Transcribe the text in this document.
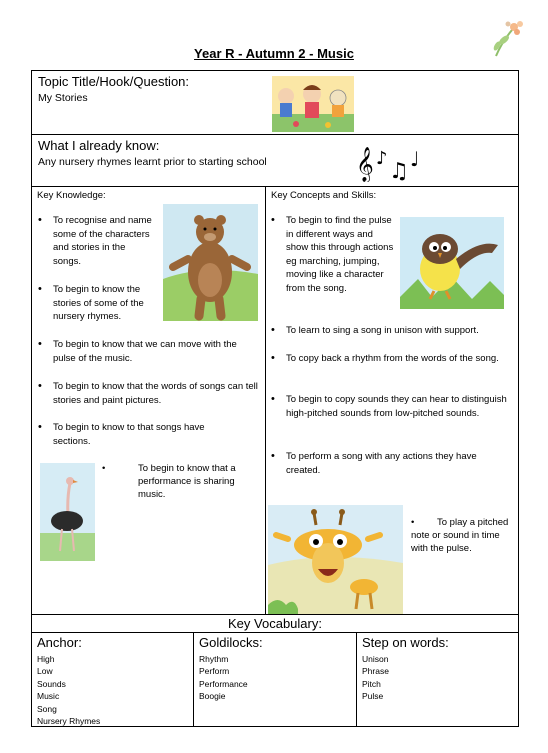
Year R - Autumn 2 - Music
Topic Title/Hook/Question:
My Stories
What I already know:
Any nursery rhymes learnt prior to starting school	𝄞 ♪
♫ ♩
Key Knowledge:
• To recognise and name some of the characters and stories in the songs.
• To begin to know the stories of some of the nursery rhymes.
• To begin to know that we can move with the pulse of the music.
• To begin to know that the words of songs can tell stories and paint pictures.
• To begin to know to that songs have sections.
•	To begin to know that a performance is sharing music.
Key Concepts and Skills:
• To begin to find the pulse in different ways and show this through actions eg marching, jumping, moving like a character from the song.
• To learn to sing a song in unison with support.
• To copy back a rhythm from the words of the song.
• To begin to copy sounds they can hear to distinguish high-pitched sounds from low-pitched sounds.
• To perform a song with any actions they have created.
•	To play a pitched note or sound in time with the pulse.
Key Vocabulary:
Anchor:
High
Low
Sounds
Music
Song
Nursery Rhymes
Goldilocks:
Rhythm
Perform
Performance
Boogie
Step on words:
Unison
Phrase
Pitch
Pulse
